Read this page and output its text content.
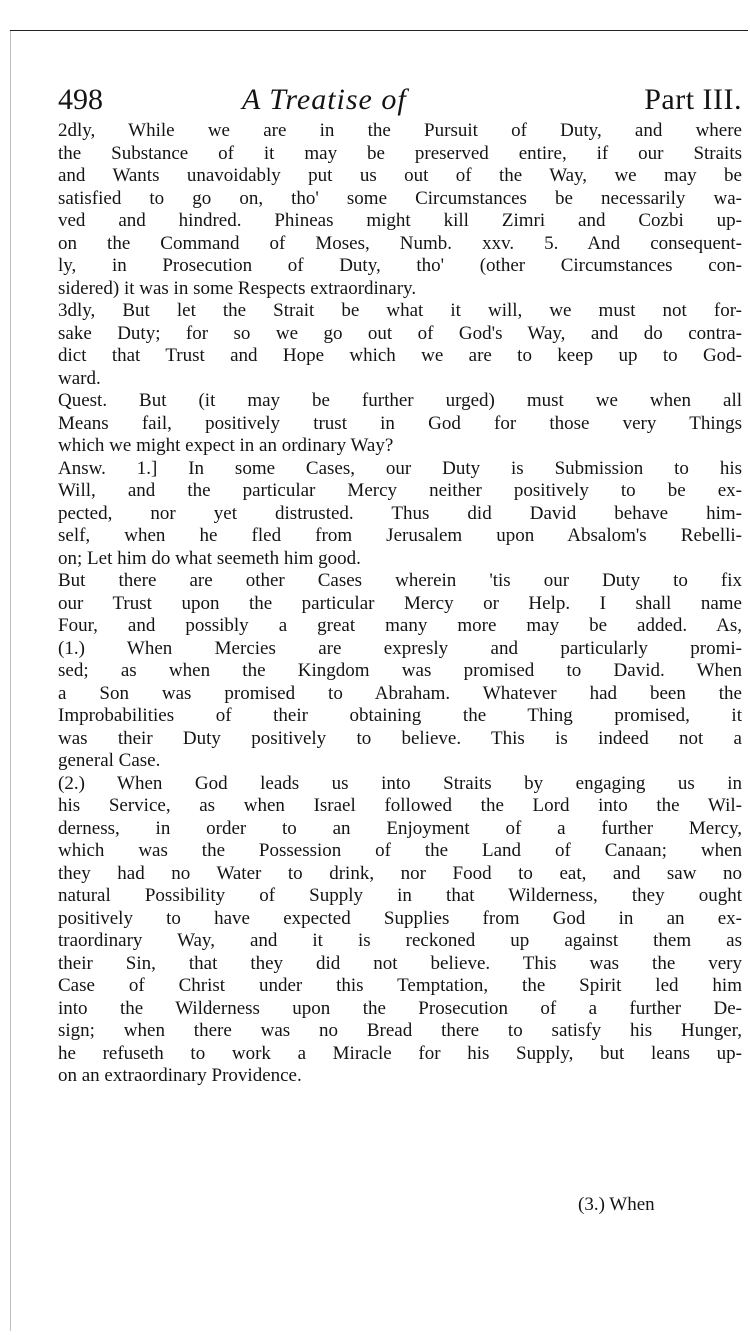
498	A Treatise of	Part III.
2dly, While we are in the Pursuit of Duty, and where
the Substance of it may be preserved entire, if our Straits
and Wants unavoidably put us out of the Way, we may be
satisfied to go on, tho' some Circumstances be necessarily wa-
ved and hindred. Phineas might kill Zimri and Cozbi up-
on the Command of Moses, Numb. xxv. 5. And consequent-
ly, in Prosecution of Duty, tho' (other Circumstances con-
sidered) it was in some Respects extraordinary.
3dly, But let the Strait be what it will, we must not for-
sake Duty; for so we go out of God's Way, and do contra-
dict that Trust and Hope which we are to keep up to God-
ward.
Quest. But (it may be further urged) must we when all
Means fail, positively trust in God for those very Things
which we might expect in an ordinary Way?
Answ. 1.] In some Cases, our Duty is Submission to his
Will, and the particular Mercy neither positively to be ex-
pected, nor yet distrusted. Thus did David behave him-
self, when he fled from Jerusalem upon Absalom's Rebelli-
on; Let him do what seemeth him good.
But there are other Cases wherein 'tis our Duty to fix
our Trust upon the particular Mercy or Help. I shall name
Four, and possibly a great many more may be added. As,
(1.) When Mercies are expresly and particularly promi-
sed; as when the Kingdom was promised to David. When
a Son was promised to Abraham. Whatever had been the
Improbabilities of their obtaining the Thing promised, it
was their Duty positively to believe. This is indeed not a
general Case.
(2.) When God leads us into Straits by engaging us in
his Service, as when Israel followed the Lord into the Wil-
derness, in order to an Enjoyment of a further Mercy,
which was the Possession of the Land of Canaan; when
they had no Water to drink, nor Food to eat, and saw no
natural Possibility of Supply in that Wilderness, they ought
positively to have expected Supplies from God in an ex-
traordinary Way, and it is reckoned up against them as
their Sin, that they did not believe. This was the very
Case of Christ under this Temptation, the Spirit led him
into the Wilderness upon the Prosecution of a further De-
sign; when there was no Bread there to satisfy his Hunger,
he refuseth to work a Miracle for his Supply, but leans up-
on an extraordinary Providence.
(3.) When
